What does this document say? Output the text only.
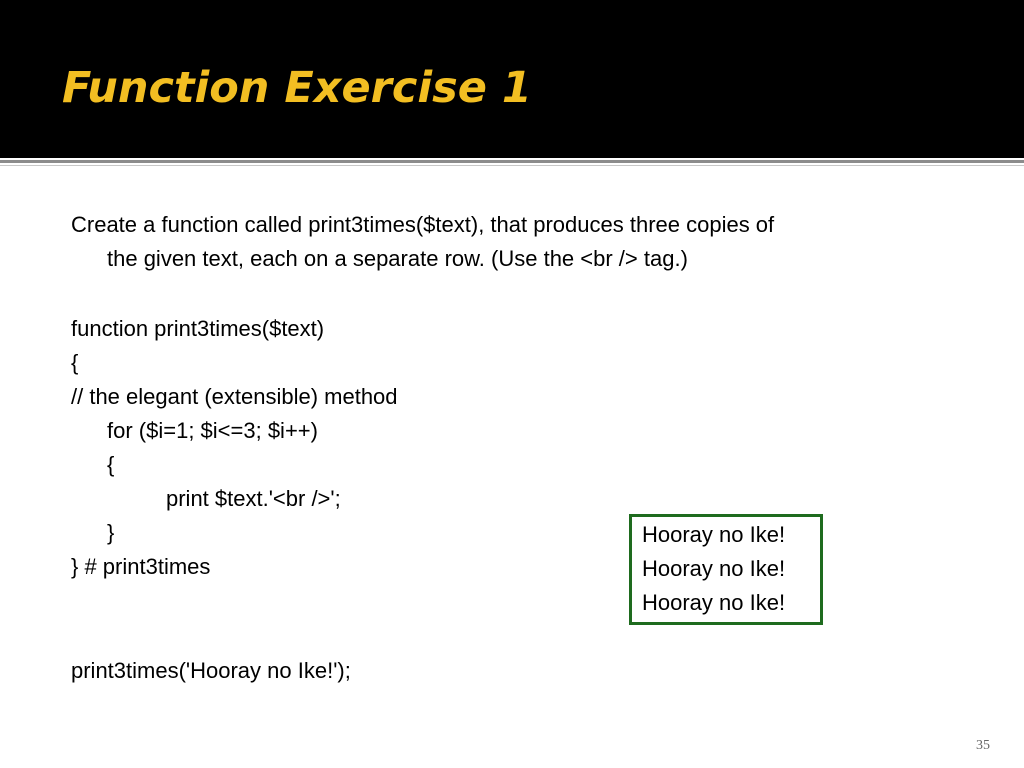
Function Exercise 1
Create a function called print3times($text), that produces three copies of
the given text, each on a separate row. (Use the <br /> tag.)
function print3times($text)
{
// the elegant (extensible) method
for ($i=1; $i<=3; $i++)
{
print $text.'<br />';
}
} # print3times
print3times('Hooray no Ike!');
Hooray no Ike!
Hooray no Ike!
Hooray no Ike!
35
